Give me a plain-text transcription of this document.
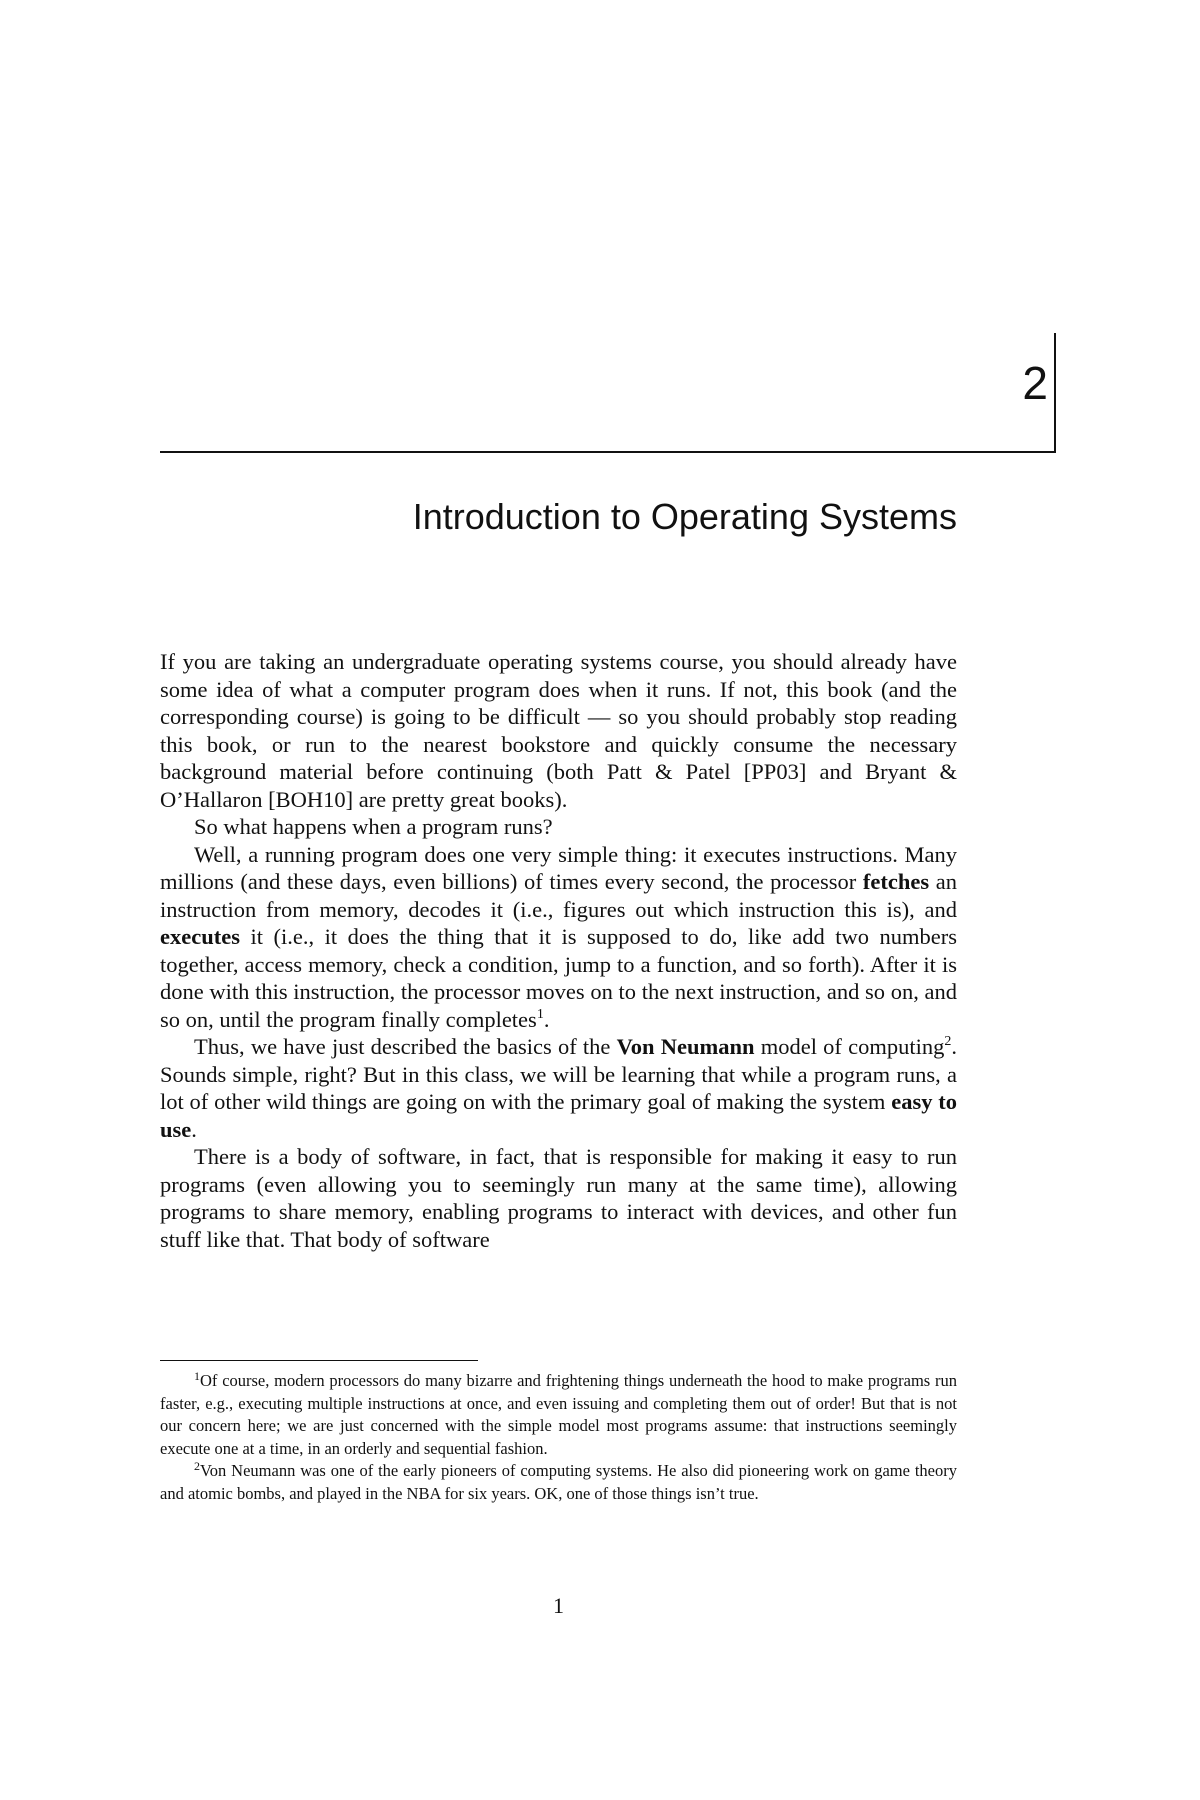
2
Introduction to Operating Systems

If you are taking an undergraduate operating systems course, you should already have some idea of what a computer program does when it runs. If not, this book (and the corresponding course) is going to be difficult — so you should probably stop reading this book, or run to the nearest bookstore and quickly consume the necessary background material before continuing (both Patt & Patel [PP03] and Bryant & O’Hallaron [BOH10] are pretty great books).

So what happens when a program runs?

Well, a running program does one very simple thing: it executes instructions. Many millions (and these days, even billions) of times every second, the processor fetches an instruction from memory, decodes it (i.e., figures out which instruction this is), and executes it (i.e., it does the thing that it is supposed to do, like add two numbers together, access memory, check a condition, jump to a function, and so forth). After it is done with this instruction, the processor moves on to the next instruction, and so on, and so on, until the program finally completes$^1$.

Thus, we have just described the basics of the Von Neumann model of computing$^2$. Sounds simple, right? But in this class, we will be learning that while a program runs, a lot of other wild things are going on with the primary goal of making the system easy to use.

There is a body of software, in fact, that is responsible for making it easy to run programs (even allowing you to seemingly run many at the same time), allowing programs to share memory, enabling programs to interact with devices, and other fun stuff like that. That body of software

$^1$Of course, modern processors do many bizarre and frightening things underneath the hood to make programs run faster, e.g., executing multiple instructions at once, and even issuing and completing them out of order! But that is not our concern here; we are just concerned with the simple model most programs assume: that instructions seemingly execute one at a time, in an orderly and sequential fashion.

$^2$Von Neumann was one of the early pioneers of computing systems. He also did pioneering work on game theory and atomic bombs, and played in the NBA for six years. OK, one of those things isn’t true.

1
